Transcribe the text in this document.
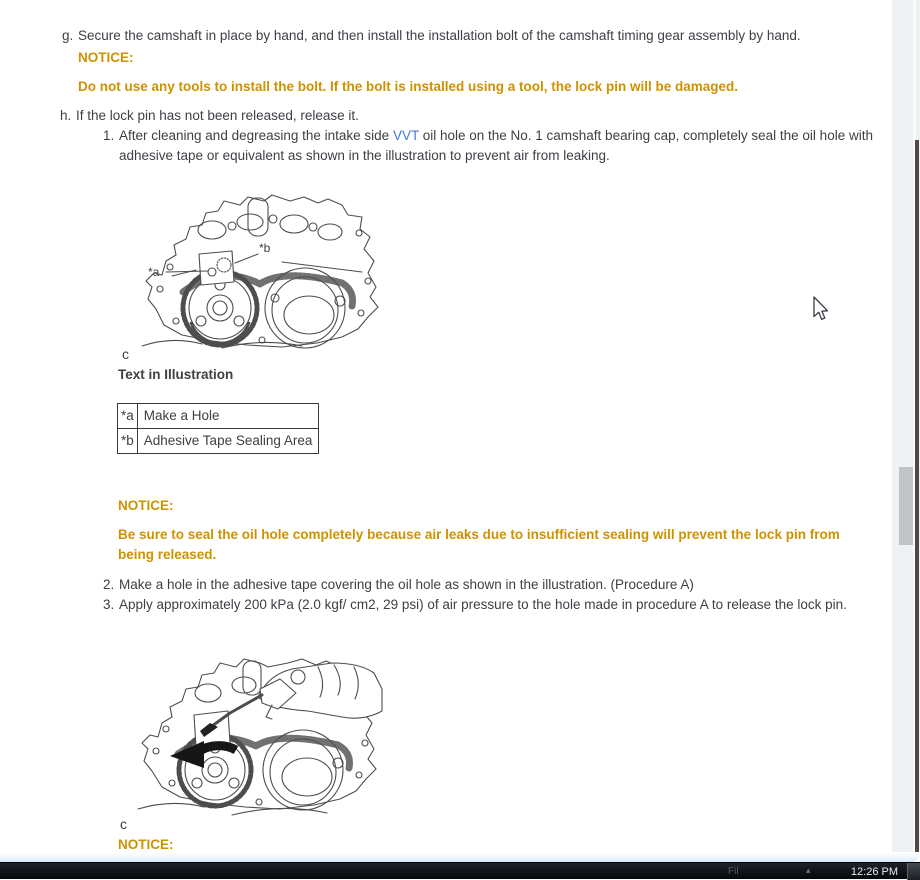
g. Secure the camshaft in place by hand, and then install the installation bolt of the camshaft timing gear assembly by hand.
NOTICE:
Do not use any tools to install the bolt. If the bolt is installed using a tool, the lock pin will be damaged.
h. If the lock pin has not been released, release it.
1. After cleaning and degreasing the intake side VVT oil hole on the No. 1 camshaft bearing cap, completely seal the oil hole with adhesive tape or equivalent as shown in the illustration to prevent air from leaking.
*a
*b
c
Text in Illustration
*a	Make a Hole
*b	Adhesive Tape Sealing Area
NOTICE:
Be sure to seal the oil hole completely because air leaks due to insufficient sealing will prevent the lock pin from being released.
2. Make a hole in the adhesive tape covering the oil hole as shown in the illustration. (Procedure A)
3. Apply approximately 200 kPa (2.0 kgf/ cm2, 29 psi) of air pressure to the hole made in procedure A to release the lock pin.
c
NOTICE:
Fil	▴	12:26 PM
